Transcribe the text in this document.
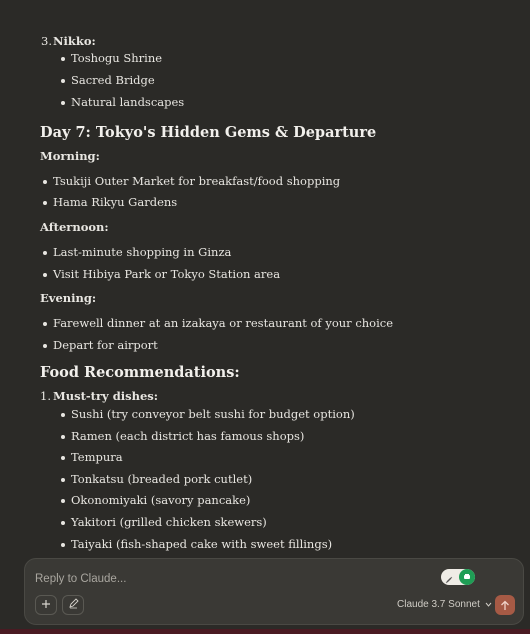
3. Nikko:
Toshogu Shrine
Sacred Bridge
Natural landscapes
Day 7: Tokyo's Hidden Gems & Departure
Morning:
Tsukiji Outer Market for breakfast/food shopping
Hama Rikyu Gardens
Afternoon:
Last-minute shopping in Ginza
Visit Hibiya Park or Tokyo Station area
Evening:
Farewell dinner at an izakaya or restaurant of your choice
Depart for airport
Food Recommendations:
1. Must-try dishes:
Sushi (try conveyor belt sushi for budget option)
Ramen (each district has famous shops)
Tempura
Tonkatsu (breaded pork cutlet)
Okonomiyaki (savory pancake)
Yakitori (grilled chicken skewers)
Taiyaki (fish-shaped cake with sweet fillings)
Reply to Claude...
Claude 3.7 Sonnet
